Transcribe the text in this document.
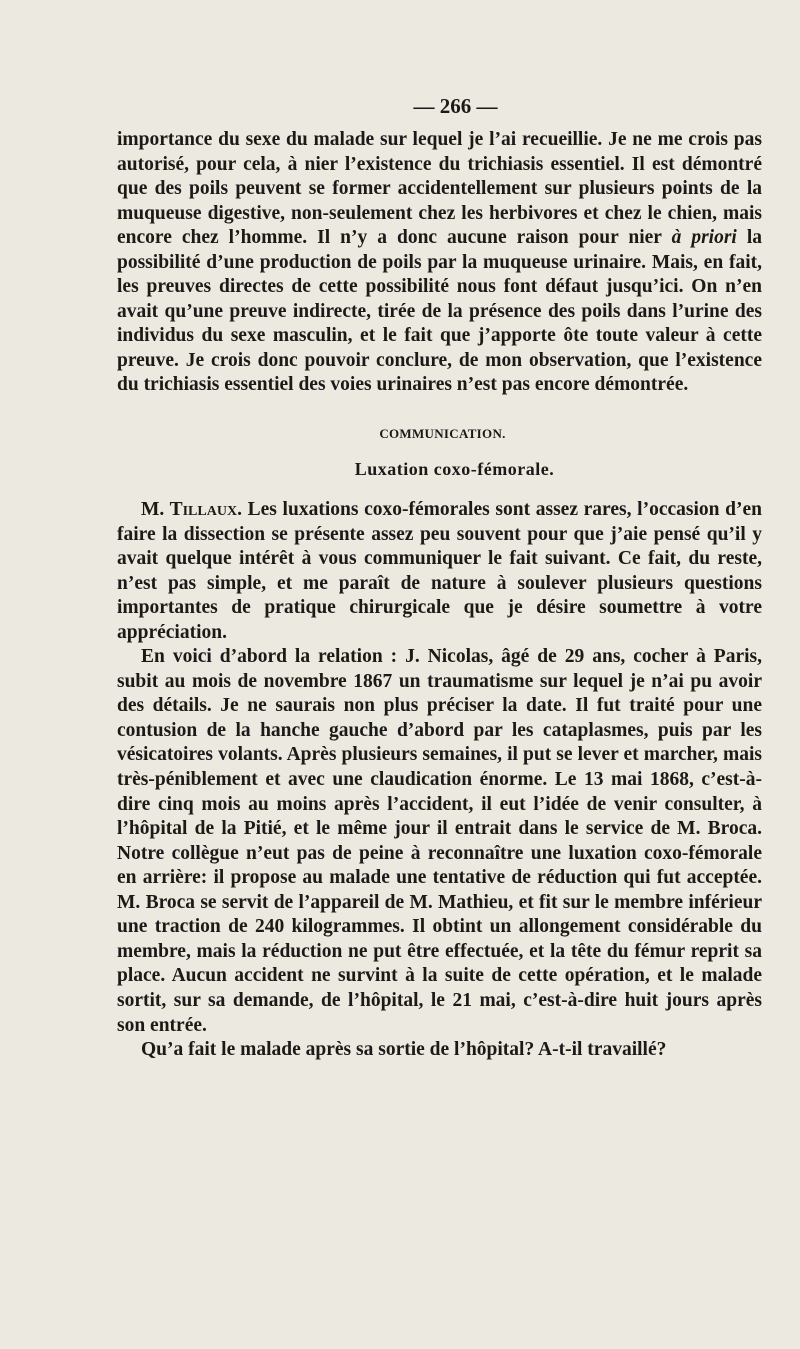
— 266 —

importance du sexe du malade sur lequel je l’ai recueillie. Je ne me crois pas autorisé, pour cela, à nier l’existence du trichiasis essentiel. Il est démontré que des poils peuvent se former accidentellement sur plusieurs points de la muqueuse digestive, non-seulement chez les herbivores et chez le chien, mais encore chez l’homme. Il n’y a donc aucune raison pour nier à priori la possibilité d’une production de poils par la muqueuse urinaire. Mais, en fait, les preuves directes de cette possibilité nous font défaut jusqu’ici. On n’en avait qu’une preuve indirecte, tirée de la présence des poils dans l’urine des individus du sexe masculin, et le fait que j’apporte ôte toute valeur à cette preuve. Je crois donc pouvoir conclure, de mon observation, que l’existence du trichiasis essentiel des voies urinaires n’est pas encore démontrée.

COMMUNICATION.
Luxation coxo-fémorale.

M. Tillaux. Les luxations coxo-fémorales sont assez rares, l’occasion d’en faire la dissection se présente assez peu souvent pour que j’aie pensé qu’il y avait quelque intérêt à vous communiquer le fait suivant. Ce fait, du reste, n’est pas simple, et me paraît de nature à soulever plusieurs questions importantes de pratique chirurgicale que je désire soumettre à votre appréciation.

En voici d’abord la relation : J. Nicolas, âgé de 29 ans, cocher à Paris, subit au mois de novembre 1867 un traumatisme sur lequel je n’ai pu avoir des détails. Je ne saurais non plus préciser la date. Il fut traité pour une contusion de la hanche gauche d’abord par les cataplasmes, puis par les vésicatoires volants. Après plusieurs semaines, il put se lever et marcher, mais très-péniblement et avec une claudication énorme. Le 13 mai 1868, c’est-à-dire cinq mois au moins après l’accident, il eut l’idée de venir consulter, à l’hôpital de la Pitié, et le même jour il entrait dans le service de M. Broca. Notre collègue n’eut pas de peine à reconnaître une luxation coxo-fémorale en arrière: il propose au malade une tentative de réduction qui fut acceptée. M. Broca se servit de l’appareil de M. Mathieu, et fit sur le membre inférieur une traction de 240 kilogrammes. Il obtint un allongement considérable du membre, mais la réduction ne put être effectuée, et la tête du fémur reprit sa place. Aucun accident ne survint à la suite de cette opération, et le malade sortit, sur sa demande, de l’hôpital, le 21 mai, c’est-à-dire huit jours après son entrée.

Qu’a fait le malade après sa sortie de l’hôpital? A-t-il travaillé?
